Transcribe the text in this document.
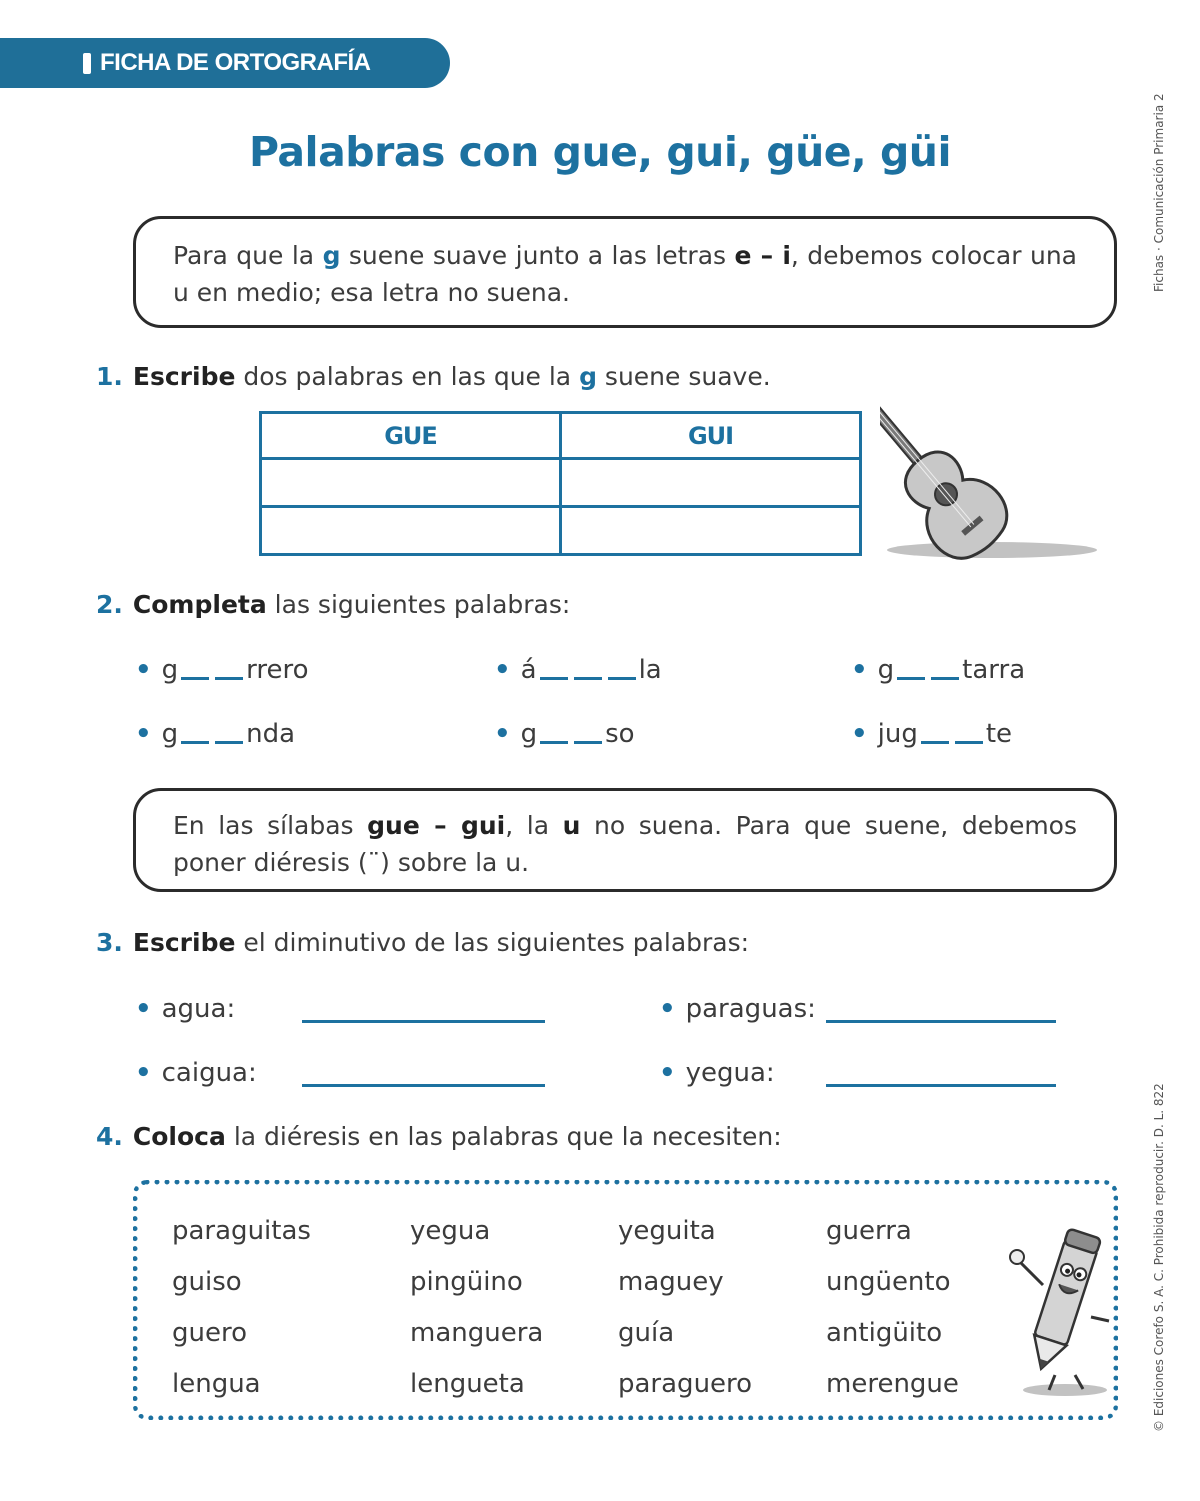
FICHA DE ORTOGRAFÍA
Fichas · Comunicación Primaria 2
© Ediciones Corefo S. A. C. Prohibida reproducir. D. L. 822
Palabras con gue, gui, güe, güi
Para que la g suene suave junto a las letras e – i, debemos colocar una u en medio; esa letra no suena.
1. Escribe dos palabras en las que la g suene suave.
GUE	GUI

2. Completa las siguientes palabras:
• g	rrero	• á	la	• g	tarra
• g	nda	• g	so	• jug	te
En las sílabas gue – gui, la u no suena. Para que suene, debemos poner diéresis (¨) sobre la u.
3. Escribe el diminutivo de las siguientes palabras:
• agua:	• paraguas:
• caigua:	• yegua:
4. Coloca la diéresis en las palabras que la necesiten:
paraguitas	yegua	yeguita	guerra
guiso	pingüino	maguey	ungüento
guero	manguera	guía	antigüito
lengua	lengueta	paraguero	merengue
